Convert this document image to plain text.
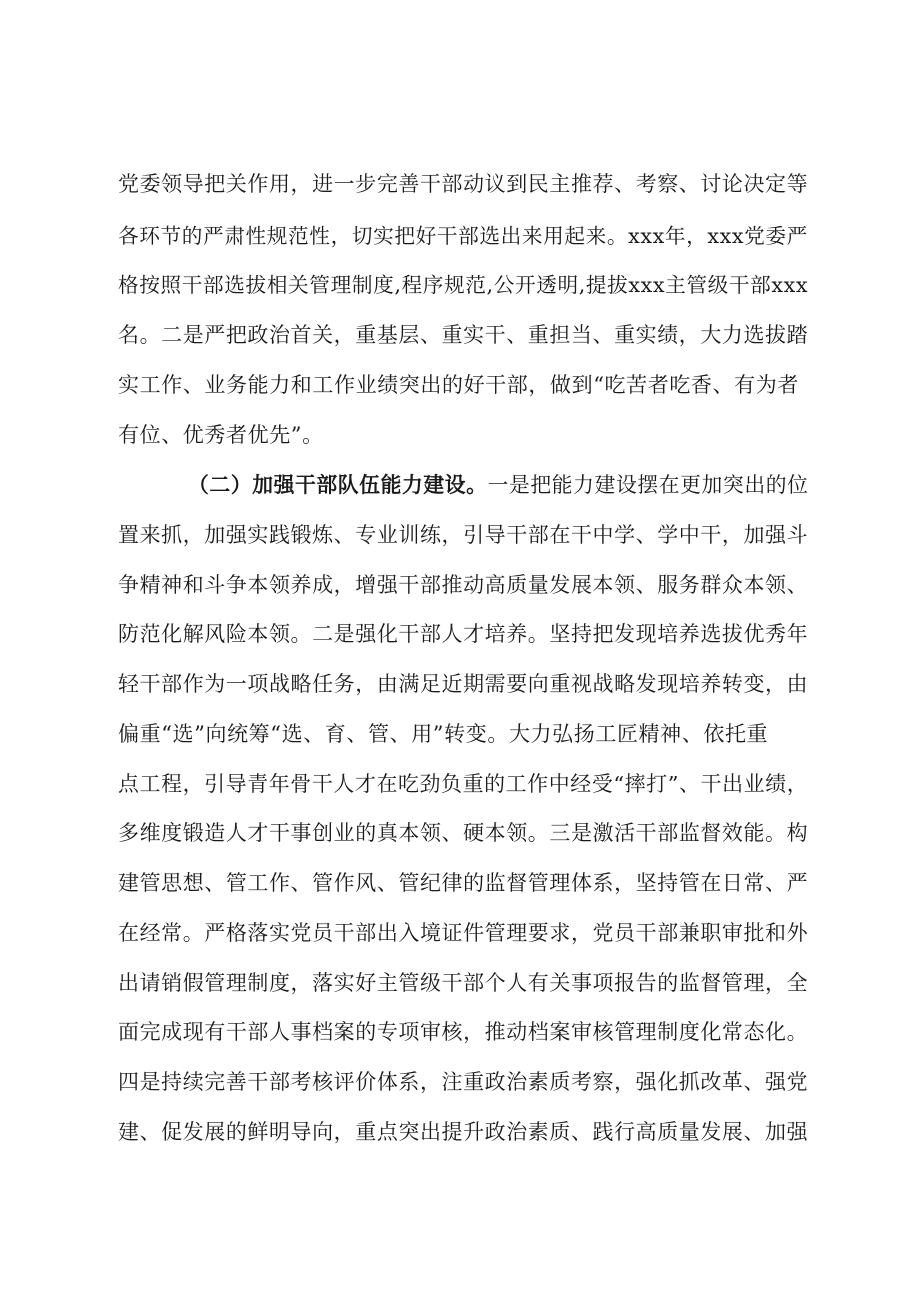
党委领导把关作用，进一步完善干部动议到民主推荐、考察、讨论决定等
各环节的严肃性规范性，切实把好干部选出来用起来。xxx年，xxx党委严
格按照干部选拔相关管理制度,程序规范,公开透明,提拔xxx主管级干部xxx
名。二是严把政治首关，重基层、重实干、重担当、重实绩，大力选拔踏
实工作、业务能力和工作业绩突出的好干部，做到“吃苦者吃香、有为者
有位、优秀者优先”。
（二）加强干部队伍能力建设。一是把能力建设摆在更加突出的位
置来抓，加强实践锻炼、专业训练，引导干部在干中学、学中干，加强斗
争精神和斗争本领养成，增强干部推动高质量发展本领、服务群众本领、
防范化解风险本领。二是强化干部人才培养。坚持把发现培养选拔优秀年
轻干部作为一项战略任务，由满足近期需要向重视战略发现培养转变，由
偏重“选”向统筹“选、育、管、用”转变。大力弘扬工匠精神、依托重
点工程，引导青年骨干人才在吃劲负重的工作中经受“摔打”、干出业绩，
多维度锻造人才干事创业的真本领、硬本领。三是激活干部监督效能。构
建管思想、管工作、管作风、管纪律的监督管理体系，坚持管在日常、严
在经常。严格落实党员干部出入境证件管理要求，党员干部兼职审批和外
出请销假管理制度，落实好主管级干部个人有关事项报告的监督管理，全
面完成现有干部人事档案的专项审核，推动档案审核管理制度化常态化。
四是持续完善干部考核评价体系，注重政治素质考察，强化抓改革、强党
建、促发展的鲜明导向，重点突出提升政治素质、践行高质量发展、加强
